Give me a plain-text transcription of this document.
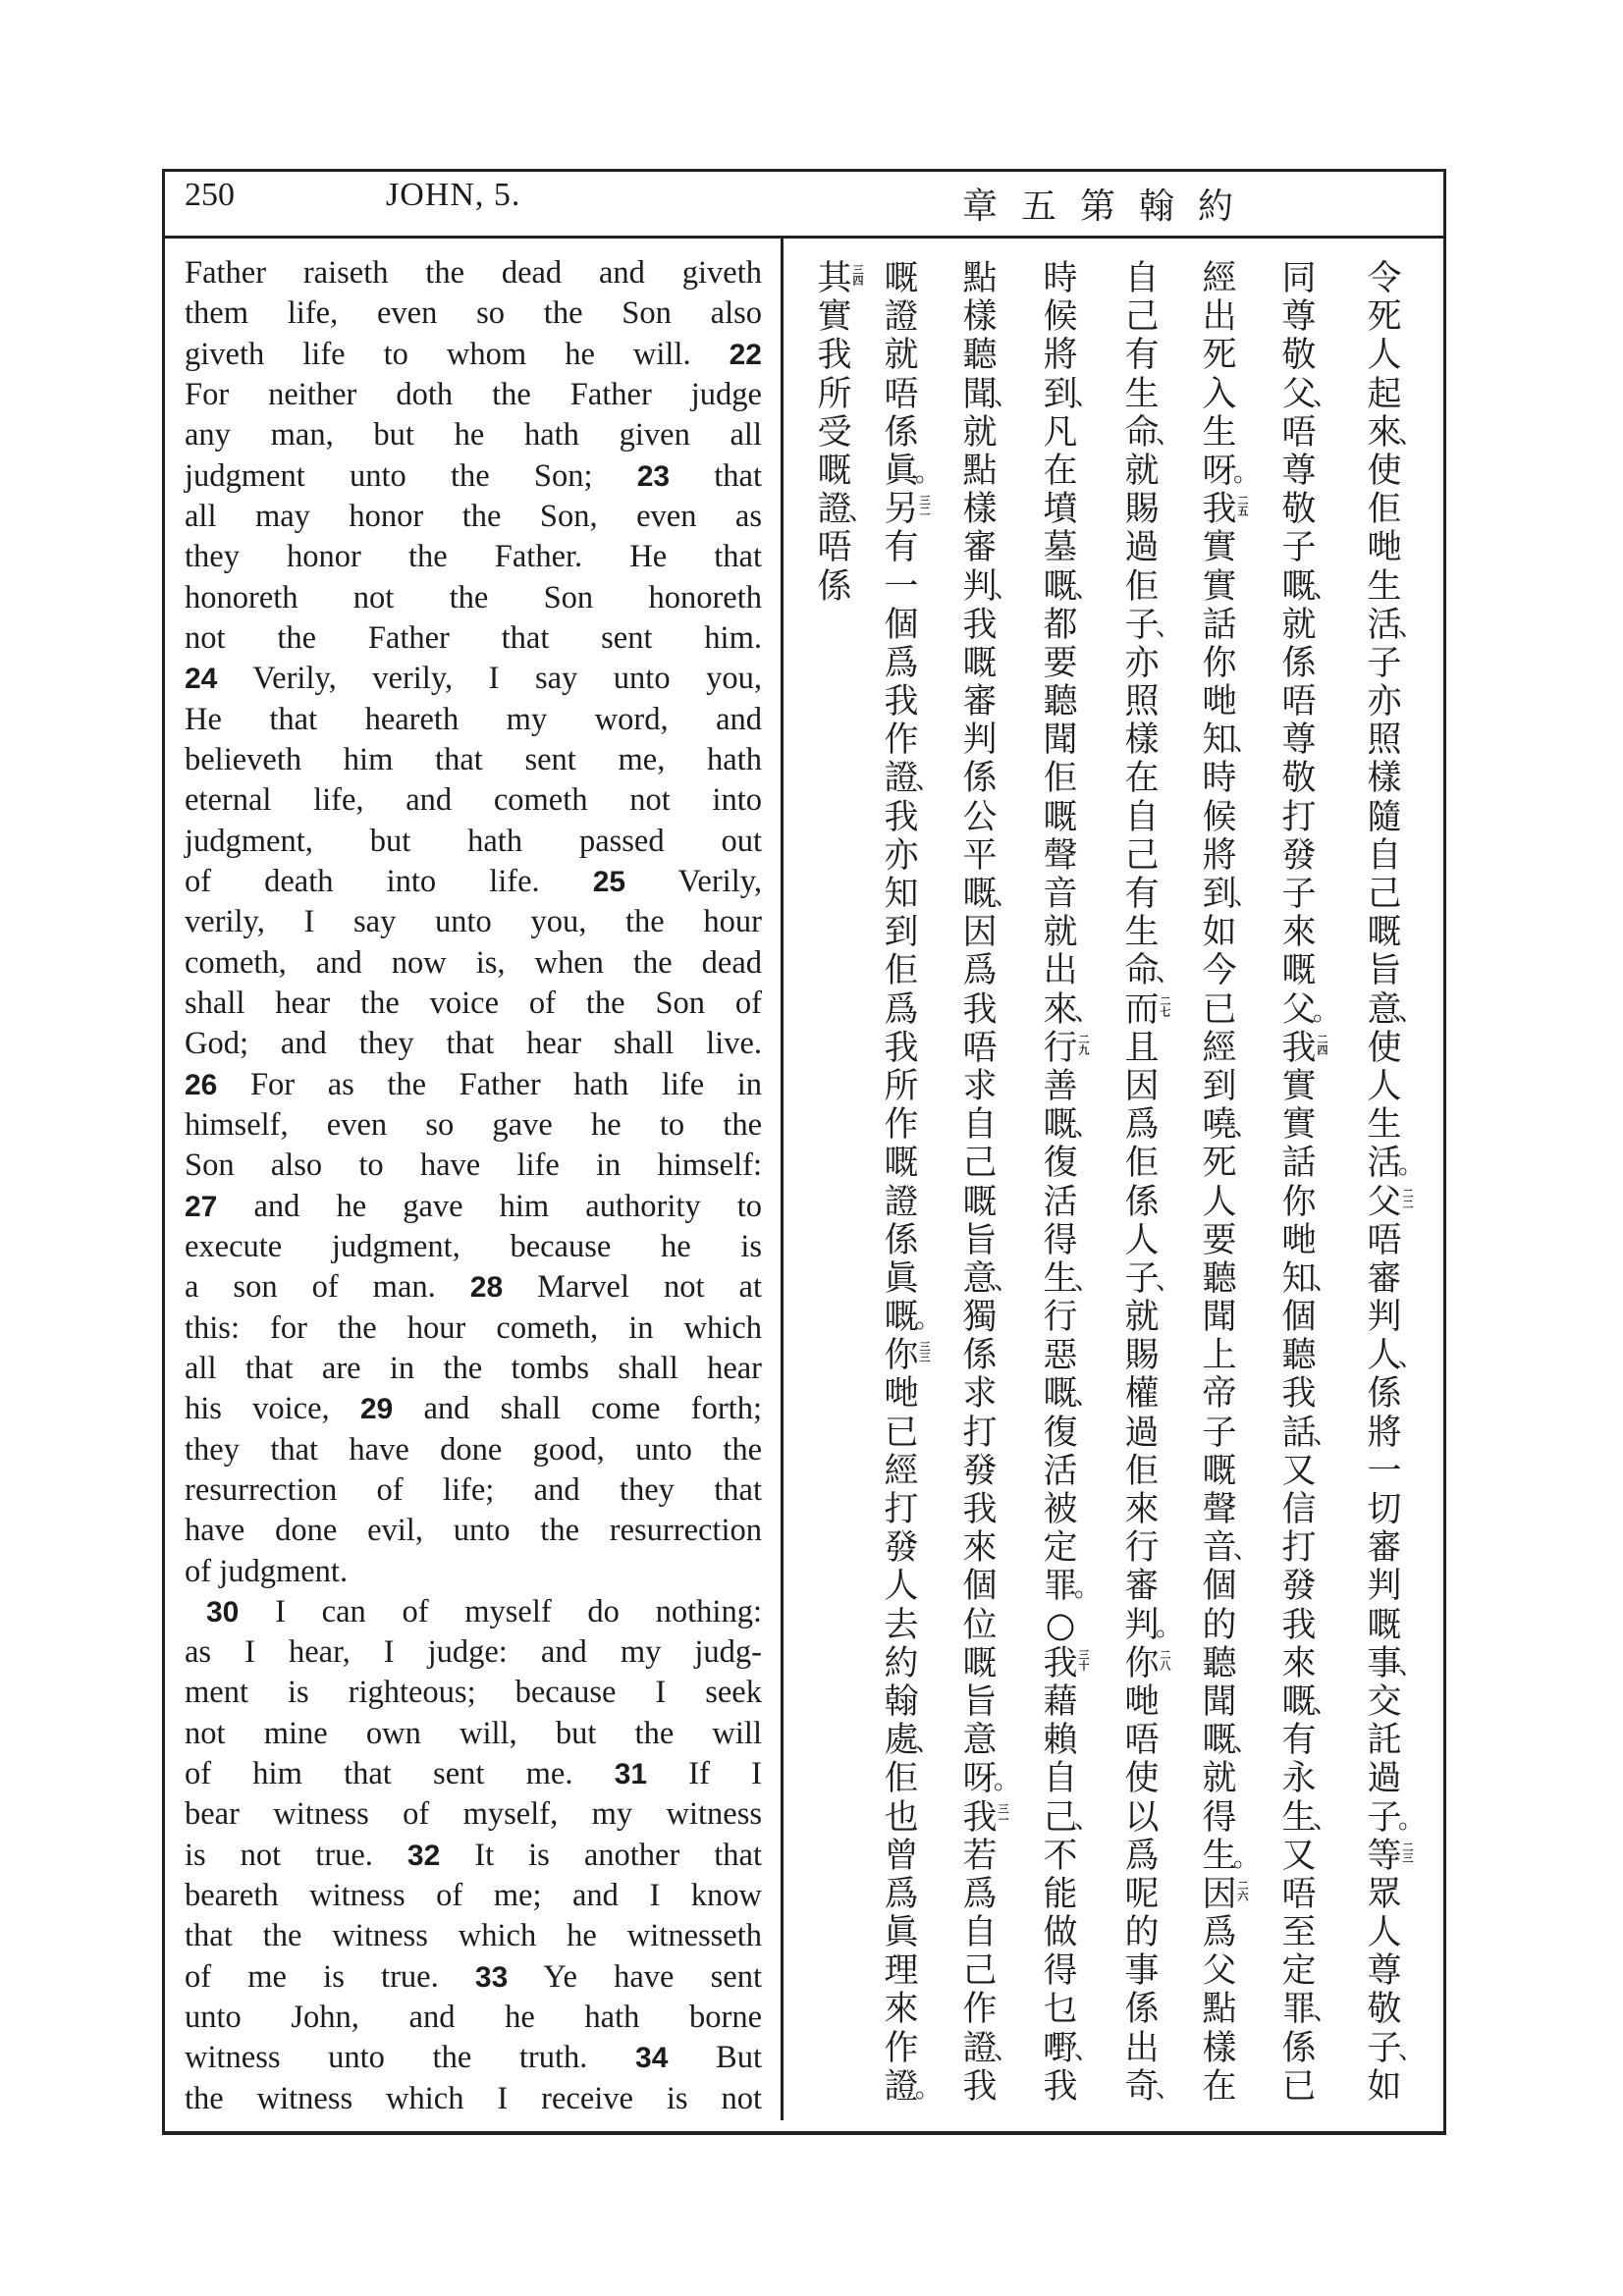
250	JOHN, 5.	章五第翰約
Father raiseth the dead and giveth
them life, even so the Son also
giveth life to whom he will. 22
For neither doth the Father judge
any man, but he hath given all
judgment unto the Son; 23 that
all may honor the Son, even as
they honor the Father. He that
honoreth not the Son honoreth
not the Father that sent him.
24 Verily, verily, I say unto you,
He that heareth my word, and
believeth him that sent me, hath
eternal life, and cometh not into
judgment, but hath passed out
of death into life. 25 Verily,
verily, I say unto you, the hour
cometh, and now is, when the dead
shall hear the voice of the Son of
God; and they that hear shall live.
26 For as the Father hath life in
himself, even so gave he to the
Son also to have life in himself:
27 and he gave him authority to
execute judgment, because he is
a son of man. 28 Marvel not at
this: for the hour cometh, in which
all that are in the tombs shall hear
his voice, 29 and shall come forth;
they that have done good, unto the
resurrection of life; and they that
have done evil, unto the resurrection
of judgment.
30 I can of myself do nothing:
as I hear, I judge: and my judg-
ment is righteous; because I seek
not mine own will, but the will
of him that sent me. 31 If I
bear witness of myself, my witness
is not true. 32 It is another that
beareth witness of me; and I know
that the witness which he witnesseth
of me is true. 33 Ye have sent
unto John, and he hath borne
witness unto the truth. 34 But
the witness which I receive is not
令
死
人
起
來
、
使
佢
哋
生
活
、
子
亦
照
樣
隨
自
己
嘅
旨
意
、
使
人
生
活
。
父 二二
唔
審
判
人
、
係
將
一
切
審
判
嘅
事
、
交
託
過
子
。
等 二三
眾
人
尊
敬
子
、
如
同
尊
敬
父
、
唔
尊
敬
子
嘅
、
就
係
唔
尊
敬
打
發
子
來
嘅
父
。
我 二四
實
實
話
你
哋
知
、
個
聽
我
話
、
又
信
打
發
我
來
嘅
、
有
永
生
、
又
唔
至
定
罪
、
係
已
經
出
死
入
生
呀
。
我 二五
實
實
話
你
哋
知
、
時
候
將
到
、
如
今
已
經
到
嘵
、
死
人
要
聽
聞
上
帝
子
嘅
聲
音
、
個
的
聽
聞
嘅
、
就
得
生
。
因 二六
爲
父
點
樣
在
自
己
有
生
命
、
就
賜
過
佢
子
、
亦
照
樣
在
自
己
有
生
命
、
而 二七
且
因
爲
佢
係
人
子
、
就
賜
權
過
佢
來
行
審
判
。
你 二八
哋
唔
使
以
爲
呢
的
事
係
出
奇
、
時
候
將
到
、
凡
在
墳
墓
嘅
、
都
要
聽
聞
佢
嘅
聲
音
就
出
來
、
行 二九
善
嘅
、
復
活
得
生
、
行
惡
嘅
、
復
活
被
定
罪
。
○
我 三十
藉
賴
自
己
、
不
能
做
得
乜
嘢
、
我
點
樣
聽
聞
、
就
點
樣
審
判
、
我
嘅
審
判
係
公
平
嘅
、
因
爲
我
唔
求
自
己
嘅
旨
意
、
獨
係
求
打
發
我
來
個
位
嘅
旨
意
呀
。
我 三一
若
爲
自
己
作
證
、
我
嘅
證
就
唔
係
眞
。
另 三二
有
一
個
爲
我
作
證
、
我
亦
知
到
佢
爲
我
所
作
嘅
證
係
眞
嘅
。
你 三三
哋
已
經
打
發
人
去
約
翰
處
、
佢
也
曾
爲
眞
理
來
作
證
。
其 三四
實
我
所
受
嘅
證
、
唔
係
